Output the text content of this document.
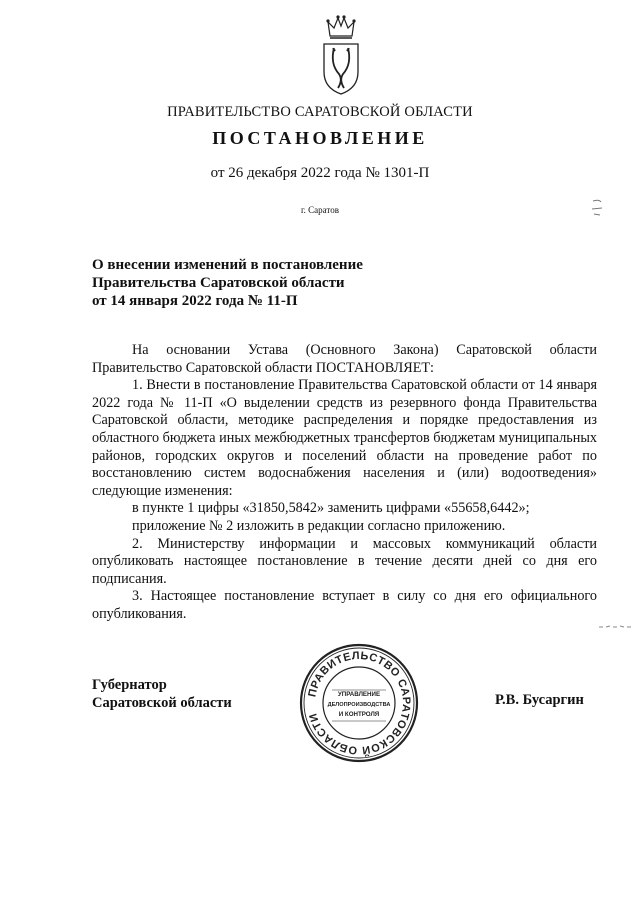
ПРАВИТЕЛЬСТВО САРАТОВСКОЙ ОБЛАСТИ
ПОСТАНОВЛЕНИЕ
от 26 декабря 2022 года № 1301-П
г. Саратов
О внесении изменений в постановление
Правительства Саратовской области
от 14 января 2022 года № 11-П

На основании Устава (Основного Закона) Саратовской области Правительство Саратовской области ПОСТАНОВЛЯЕТ:

1. Внести в постановление Правительства Саратовской области от 14 января 2022 года № 11-П «О выделении средств из резервного фонда Правительства Саратовской области, методике распределения и порядке предоставления из областного бюджета иных межбюджетных трансфертов бюджетам муниципальных районов, городских округов и поселений области на проведение работ по восстановлению систем водоснабжения населения и (или) водоотведения» следующие изменения:

в пункте 1 цифры «31850,5842» заменить цифрами «55658,6442»;

приложение № 2 изложить в редакции согласно приложению.

2. Министерству информации и массовых коммуникаций области опубликовать настоящее постановление в течение десяти дней со дня его подписания.

3. Настоящее постановление вступает в силу со дня его официального опубликования.

Губернатор
Саратовской области
ПРАВИТЕЛЬСТВО САРАТОВСКОЙ ОБЛАСТИ
УПРАВЛЕНИЕ
ДЕЛОПРОИЗВОДСТВА
И КОНТРОЛЯ
Р.В. Бусаргин
